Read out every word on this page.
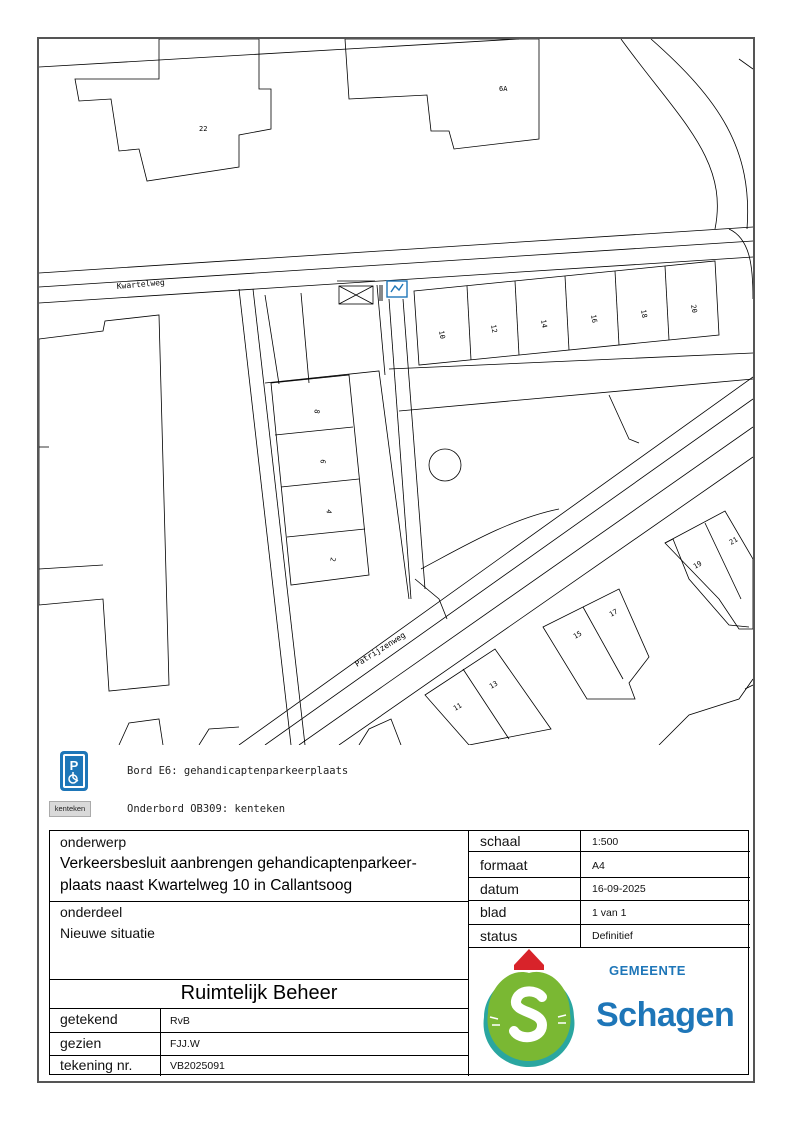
Kwartelweg
Patrijzenweg
22
6A
10
12
14
16
18
20
8
6
4
2
21
19
17
15
13
11
P	Bord E6: gehandicaptenparkeerplaats
kenteken	Onderbord OB309: kenteken
onderwerp
Verkeersbesluit aanbrengen gehandicaptenparkeer-
plaats naast Kwartelweg 10 in Callantsoog
onderdeel
Nieuwe situatie
Ruimtelijk Beheer
getekend	RvB
gezien	FJJ.W
tekening nr.	VB2025091
schaal	1:500
formaat	A4
datum	16-09-2025
blad	1 van 1
status	Definitief
GEMEENTE
Schagen
